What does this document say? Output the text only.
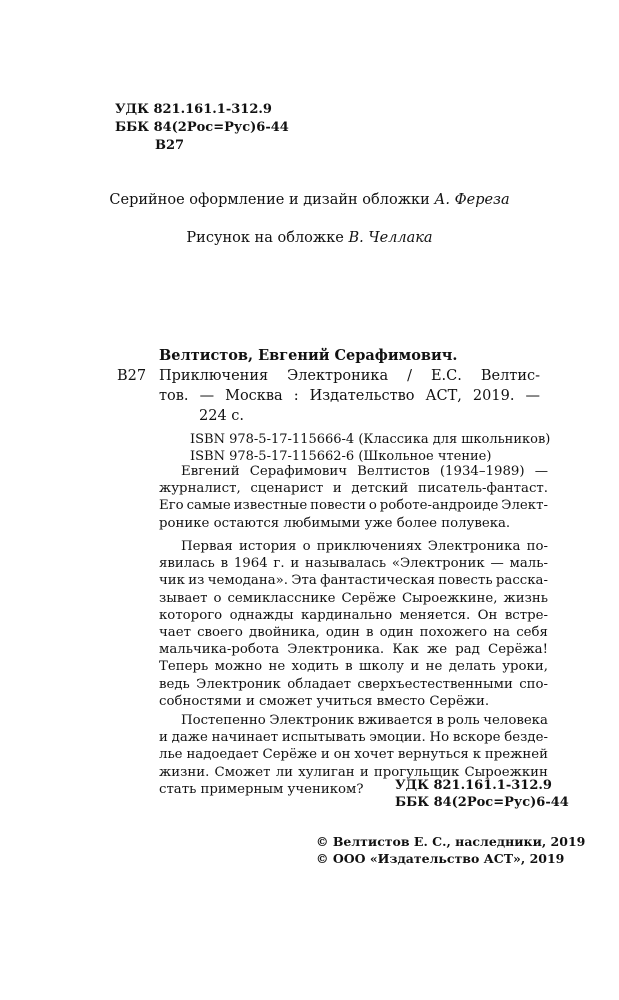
УДК 821.161.1-312.9
ББК 84(2Рос=Рус)6-44
В27
Серийное оформление и дизайн обложки А. Фереза
Рисунок на обложке В. Челлака
Велтистов, Евгений Серафимович.
В27 Приключения Электроника / Е.С. Велтис-
тов. — Москва : Издательство АСТ, 2019. —
224 с.
ISBN 978-5-17-115666-4 (Классика для школьников)
ISBN 978-5-17-115662-6 (Школьное чтение)
Евгений Серафимович Велтистов (1934–1989) —
журналист, сценарист и детский писатель-фантаст.
Его самые известные повести о роботе-андроиде Элект-
ронике остаются любимыми уже более полувека.
Первая история о приключениях Электроника по-
явилась в 1964 г. и называлась «Электроник — маль-
чик из чемодана». Эта фантастическая повесть расска-
зывает о семикласснике Серёже Сыроежкине, жизнь
которого однажды кардинально меняется. Он встре-
чает своего двойника, один в один похожего на себя
мальчика-робота Электроника. Как же рад Серёжа!
Теперь можно не ходить в школу и не делать уроки,
ведь Электроник обладает сверхъестественными спо-
собностями и сможет учиться вместо Серёжи.
Постепенно Электроник вживается в роль человека
и даже начинает испытывать эмоции. Но вскоре безде-
лье надоедает Серёже и он хочет вернуться к прежней
жизни. Сможет ли хулиган и прогульщик Сыроежкин
стать примерным учеником?	УДК 821.161.1-312.9
ББК 84(2Рос=Рус)6-44
© Велтистов Е. С., наследники, 2019
© ООО «Издательство АСТ», 2019
